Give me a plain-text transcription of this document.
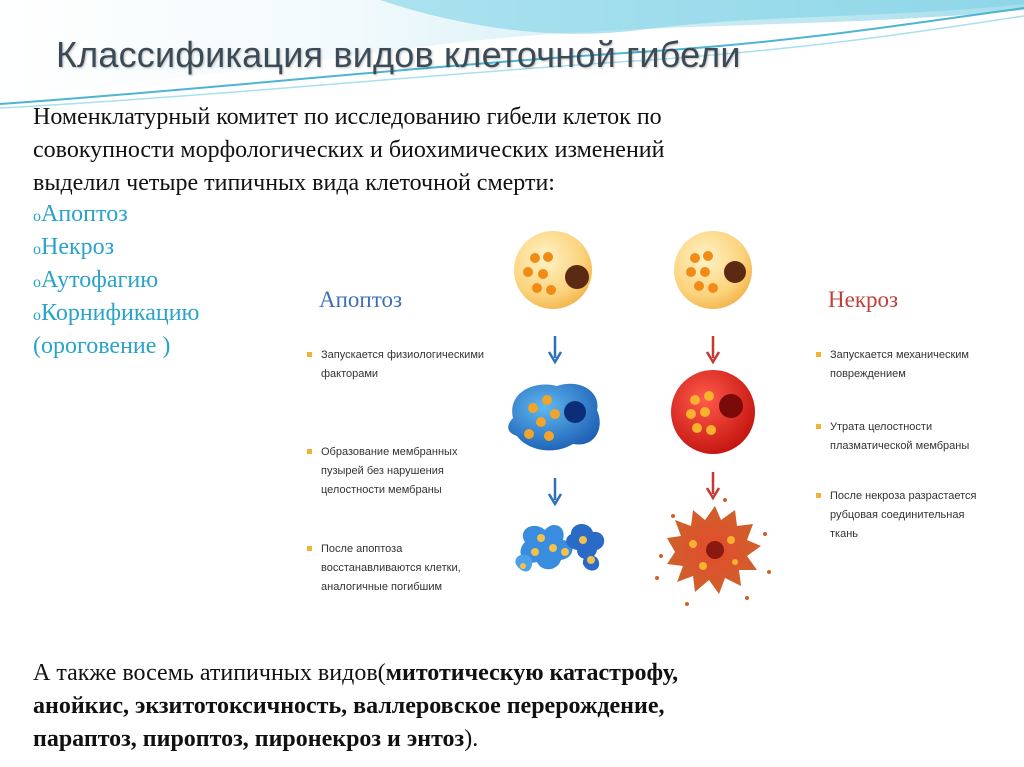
Классификация видов клеточной гибели
Номенклатурный комитет по исследованию гибели клеток по
совокупности морфологических и биохимических изменений
выделил четыре типичных вида клеточной смерти:
oАпоптоз
oНекроз
oАутофагию
oКорнификацию
(ороговение )
Апоптоз	Некроз
Запускается физиологическими
факторами
Образование мембранных
пузырей без нарушения
целостности мембраны
После апоптоза
восстанавливаются клетки,
аналогичные погибшим
Запускается механическим
повреждением
Утрата целостности
плазматической мембраны
После некроза разрастается
рубцовая соединительная
ткань
А также восемь атипичных видов(митотическую катастрофу,
анойкис, экзитотоксичность, валлеровское перерождение,
параптоз, пироптоз, пиронекроз и энтоз).
